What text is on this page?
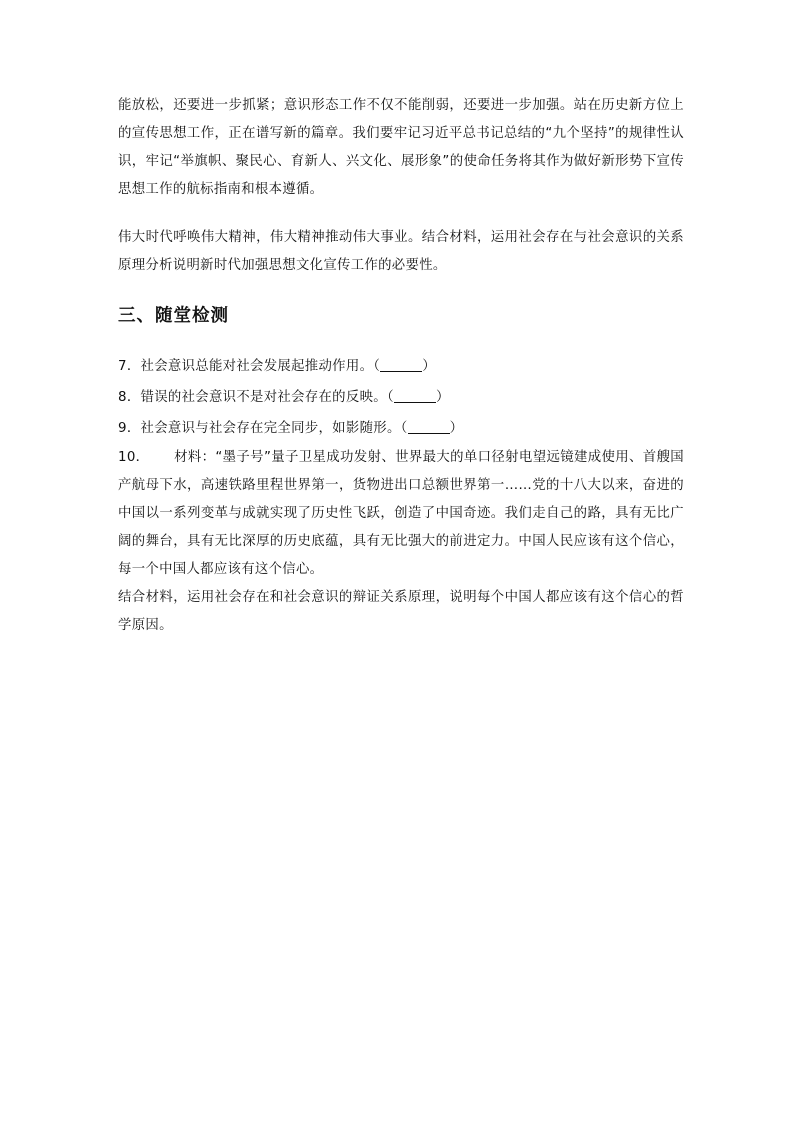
能放松，还要进一步抓紧；意识形态工作不仅不能削弱，还要进一步加强。站在历史新方位上的宣传思想工作，正在谱写新的篇章。我们要牢记习近平总书记总结的“九个坚持”的规律性认识，牢记“举旗帜、聚民心、育新人、兴文化、展形象”的使命任务将其作为做好新形势下宣传思想工作的航标指南和根本遵循。

伟大时代呼唤伟大精神，伟大精神推动伟大事业。结合材料，运用社会存在与社会意识的关系原理分析说明新时代加强思想文化宣传工作的必要性。

三、随堂检测
7．社会意识总能对社会发展起推动作用。（	）
8．错误的社会意识不是对社会存在的反映。（	）
9．社会意识与社会存在完全同步，如影随形。（	）

10． 材料：“墨子号”量子卫星成功发射、世界最大的单口径射电望远镜建成使用、首艘国产航母下水，高速铁路里程世界第一，货物进出口总额世界第一……党的十八大以来，奋进的中国以一系列变革与成就实现了历史性飞跃，创造了中国奇迹。我们走自己的路，具有无比广阔的舞台，具有无比深厚的历史底蕴，具有无比强大的前进定力。中国人民应该有这个信心，每一个中国人都应该有这个信心。

结合材料，运用社会存在和社会意识的辩证关系原理，说明每个中国人都应该有这个信心的哲学原因。
